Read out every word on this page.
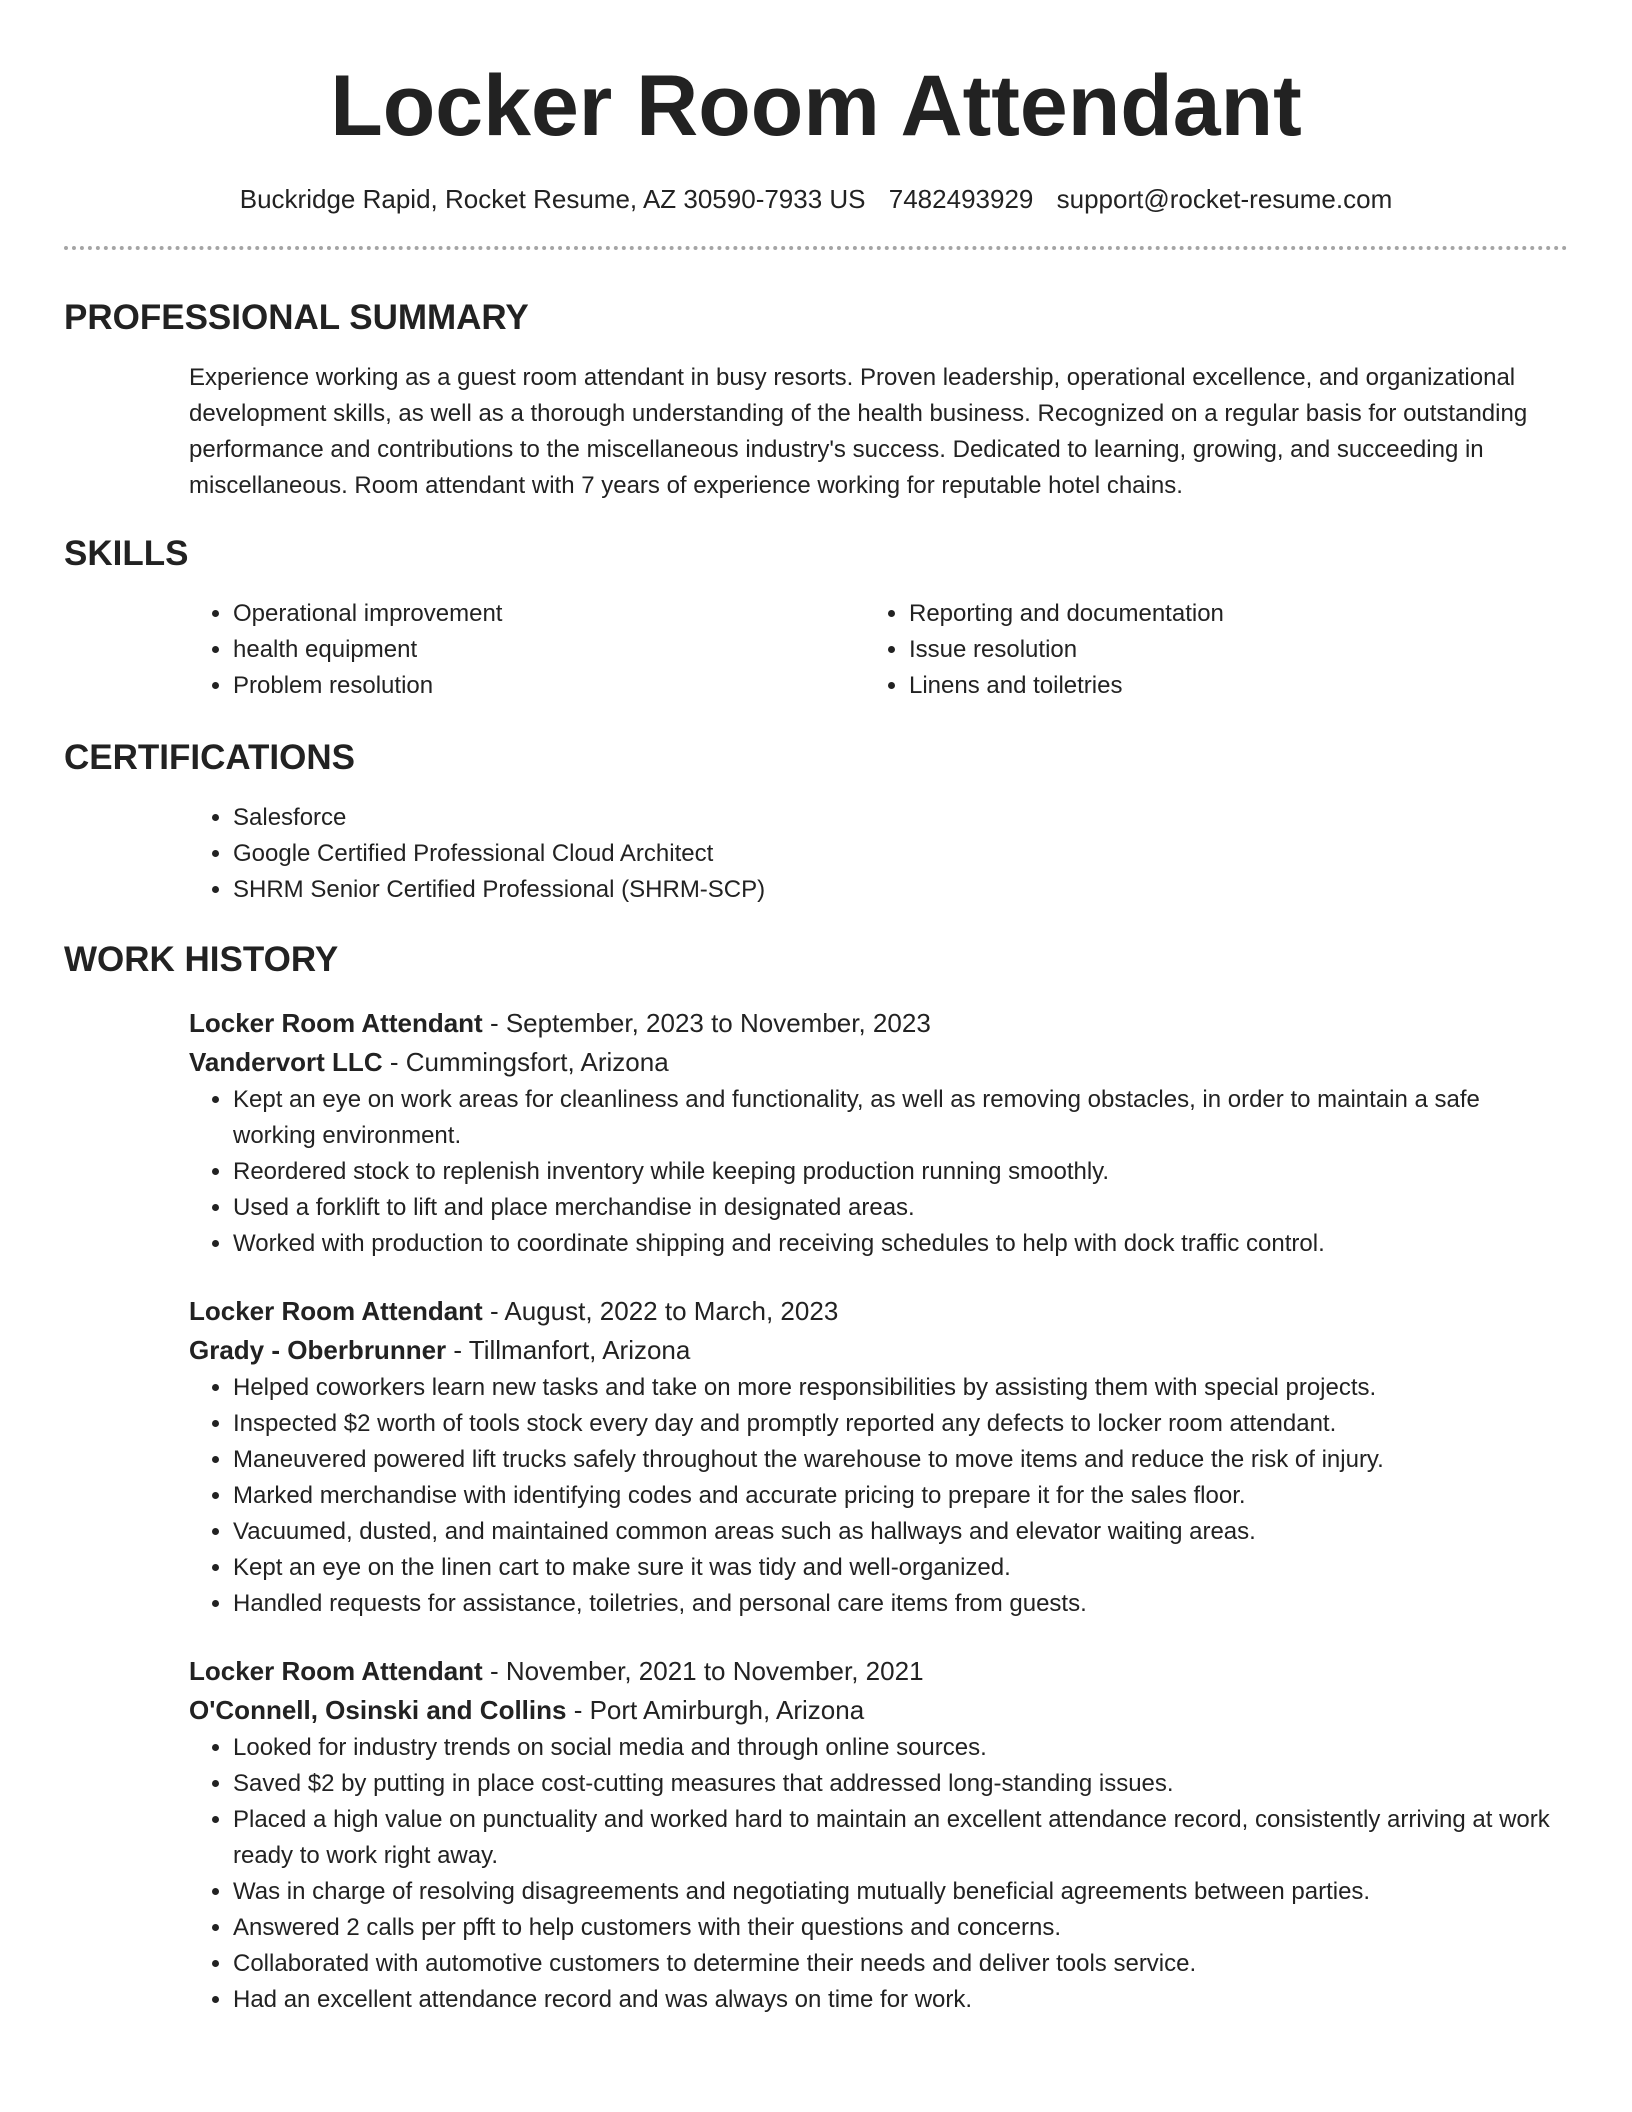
Locker Room Attendant
Buckridge Rapid, Rocket Resume, AZ 30590-7933 US 7482493929 support@rocket-resume.com
PROFESSIONAL SUMMARY

Experience working as a guest room attendant in busy resorts. Proven leadership, operational excellence, and organizational development skills, as well as a thorough understanding of the health business. Recognized on a regular basis for outstanding performance and contributions to the miscellaneous industry's success. Dedicated to learning, growing, and succeeding in miscellaneous. Room attendant with 7 years of experience working for reputable hotel chains.

SKILLS
• Operational improvement
• health equipment
• Problem resolution
• Reporting and documentation
• Issue resolution
• Linens and toiletries
CERTIFICATIONS
• Salesforce
• Google Certified Professional Cloud Architect
• SHRM Senior Certified Professional (SHRM-SCP)
WORK HISTORY
Locker Room Attendant - September, 2023 to November, 2023
Vandervort LLC - Cummingsfort, Arizona
• Kept an eye on work areas for cleanliness and functionality, as well as removing obstacles, in order to maintain a safe working environment.
• Reordered stock to replenish inventory while keeping production running smoothly.
• Used a forklift to lift and place merchandise in designated areas.
• Worked with production to coordinate shipping and receiving schedules to help with dock traffic control.
Locker Room Attendant - August, 2022 to March, 2023
Grady - Oberbrunner - Tillmanfort, Arizona
• Helped coworkers learn new tasks and take on more responsibilities by assisting them with special projects.
• Inspected $2 worth of tools stock every day and promptly reported any defects to locker room attendant.
• Maneuvered powered lift trucks safely throughout the warehouse to move items and reduce the risk of injury.
• Marked merchandise with identifying codes and accurate pricing to prepare it for the sales floor.
• Vacuumed, dusted, and maintained common areas such as hallways and elevator waiting areas.
• Kept an eye on the linen cart to make sure it was tidy and well-organized.
• Handled requests for assistance, toiletries, and personal care items from guests.
Locker Room Attendant - November, 2021 to November, 2021
O'Connell, Osinski and Collins - Port Amirburgh, Arizona
• Looked for industry trends on social media and through online sources.
• Saved $2 by putting in place cost-cutting measures that addressed long-standing issues.
• Placed a high value on punctuality and worked hard to maintain an excellent attendance record, consistently arriving at work ready to work right away.
• Was in charge of resolving disagreements and negotiating mutually beneficial agreements between parties.
• Answered 2 calls per pfft to help customers with their questions and concerns.
• Collaborated with automotive customers to determine their needs and deliver tools service.
• Had an excellent attendance record and was always on time for work.
